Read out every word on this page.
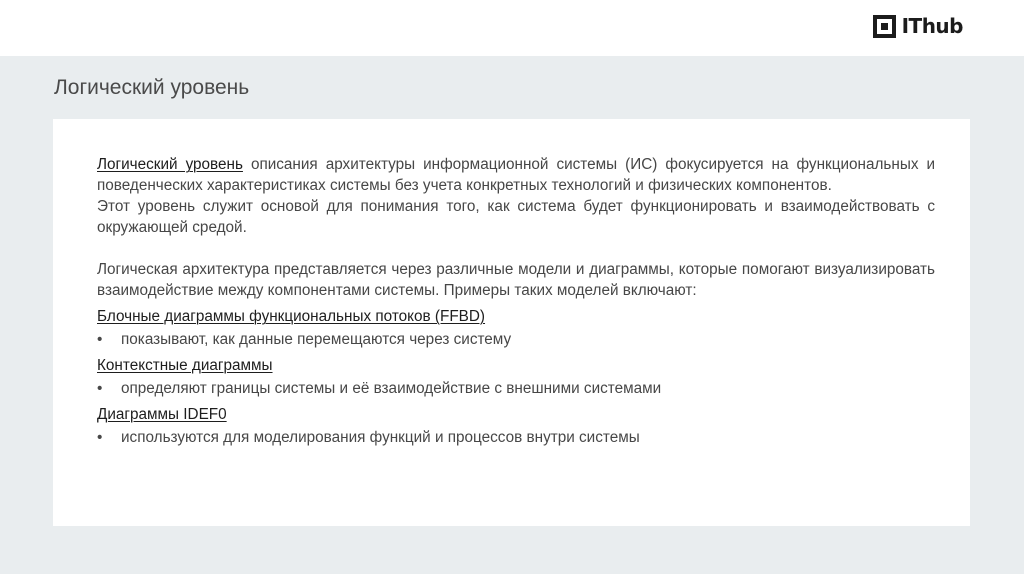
IThub
Логический уровень

Логический уровень описания архитектуры информационной системы (ИС) фокусируется на функциональных и поведенческих характеристиках системы без учета конкретных технологий и физических компонентов.

Этот уровень служит основой для понимания того, как система будет функционировать и взаимодействовать с окружающей средой.

Логическая архитектура представляется через различные модели и диаграммы, которые помогают визуализировать взаимодействие между компонентами системы. Примеры таких моделей включают:

Блочные диаграммы функциональных потоков (FFBD)

•	показывают, как данные перемещаются через систему

Контекстные диаграммы

•	определяют границы системы и её взаимодействие с внешними системами

Диаграммы IDEF0

•	используются для моделирования функций и процессов внутри системы
